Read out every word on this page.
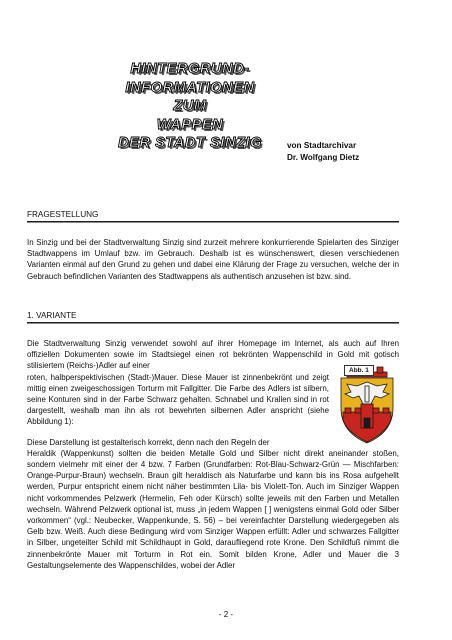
HINTERGRUND-
INFORMATIONEN
ZUM
WAPPEN
DER STADT SINZIG	von Stadtarchivar
Dr. Wolfgang Dietz
FRAGESTELLUNG

In Sinzig und bei der Stadtverwaltung Sinzig sind zurzeit mehrere konkurrierende Spielarten des Sinziger Stadtwappens im Umlauf bzw. im Gebrauch. Deshalb ist es wünschenswert, diesen verschiedenen Varianten einmal auf den Grund zu gehen und dabei eine Klärung der Frage zu versuchen, welche der in Gebrauch befindlichen Varianten des Stadtwappens als authentisch anzusehen ist bzw. sind.

1. VARIANTE

Die Stadtverwaltung Sinzig verwendet sowohl auf ihrer Homepage im Internet, als auch auf Ihren offiziellen Dokumenten sowie im Stadtsiegel einen rot bekrönten Wappenschild in Gold mit gotisch stilisiertem (Reichs-)Adler auf einer

roten, halbperspektivischen (Stadt-)Mauer. Diese Mauer ist zinnenbekrönt und zeigt mittig einen zweigeschossigen Torturm mit Fallgitter. Die Farbe des Adlers ist silbern, seine Konturen sind in der Farbe Schwarz gehalten. Schnabel und Krallen sind in rot dargestellt, weshalb man ihn als rot bewehrten silbernen Adler anspricht (siehe Abbildung 1):

Diese Darstellung ist gestalterisch korrekt, denn nach den Regeln der

Heraldik (Wappenkunst) sollten die beiden Metalle Gold und Silber nicht direkt aneinander stoßen, sondern vielmehr mit einer der 4 bzw. 7 Farben (Grundfarben: Rot-Blau-Schwarz-Grün — Mischfarben: Orange-Purpur-Braun) wechseln. Braun gilt heraldisch als Naturfarbe und kann bis ins Rosa aufgehellt werden, Purpur entspricht einem nicht näher bestimmten Lila- bis Violett-Ton. Auch im Sinziger Wappen nicht vorkommendes Pelzwerk (Hermelin, Feh oder Kürsch) sollte jeweils mit den Farben und Metallen wechseln. Während Pelzwerk optional ist, muss „in jedem Wappen [ ] wenigstens einmal Gold oder Silber vorkommen“ (vgl.: Neubecker, Wappenkunde, S. 56) – bei vereinfachter Darstellung wiedergegeben als Gelb bzw. Weiß. Auch diese Bedingung wird vom Sinziger Wappen erfüllt: Adler und schwarzes Fallgitter in Silber, ungeteilter Schild mit Schildhaupt in Gold, daraufliegend rote Krone. Den Schildfuß nimmt die zinnenbekrönte Mauer mit Torturm in Rot ein. Somit bilden Krone, Adler und Mauer die 3 Gestaltungselemente des Wappenschildes, wobei der Adler

Abb. 1
- 2 -
